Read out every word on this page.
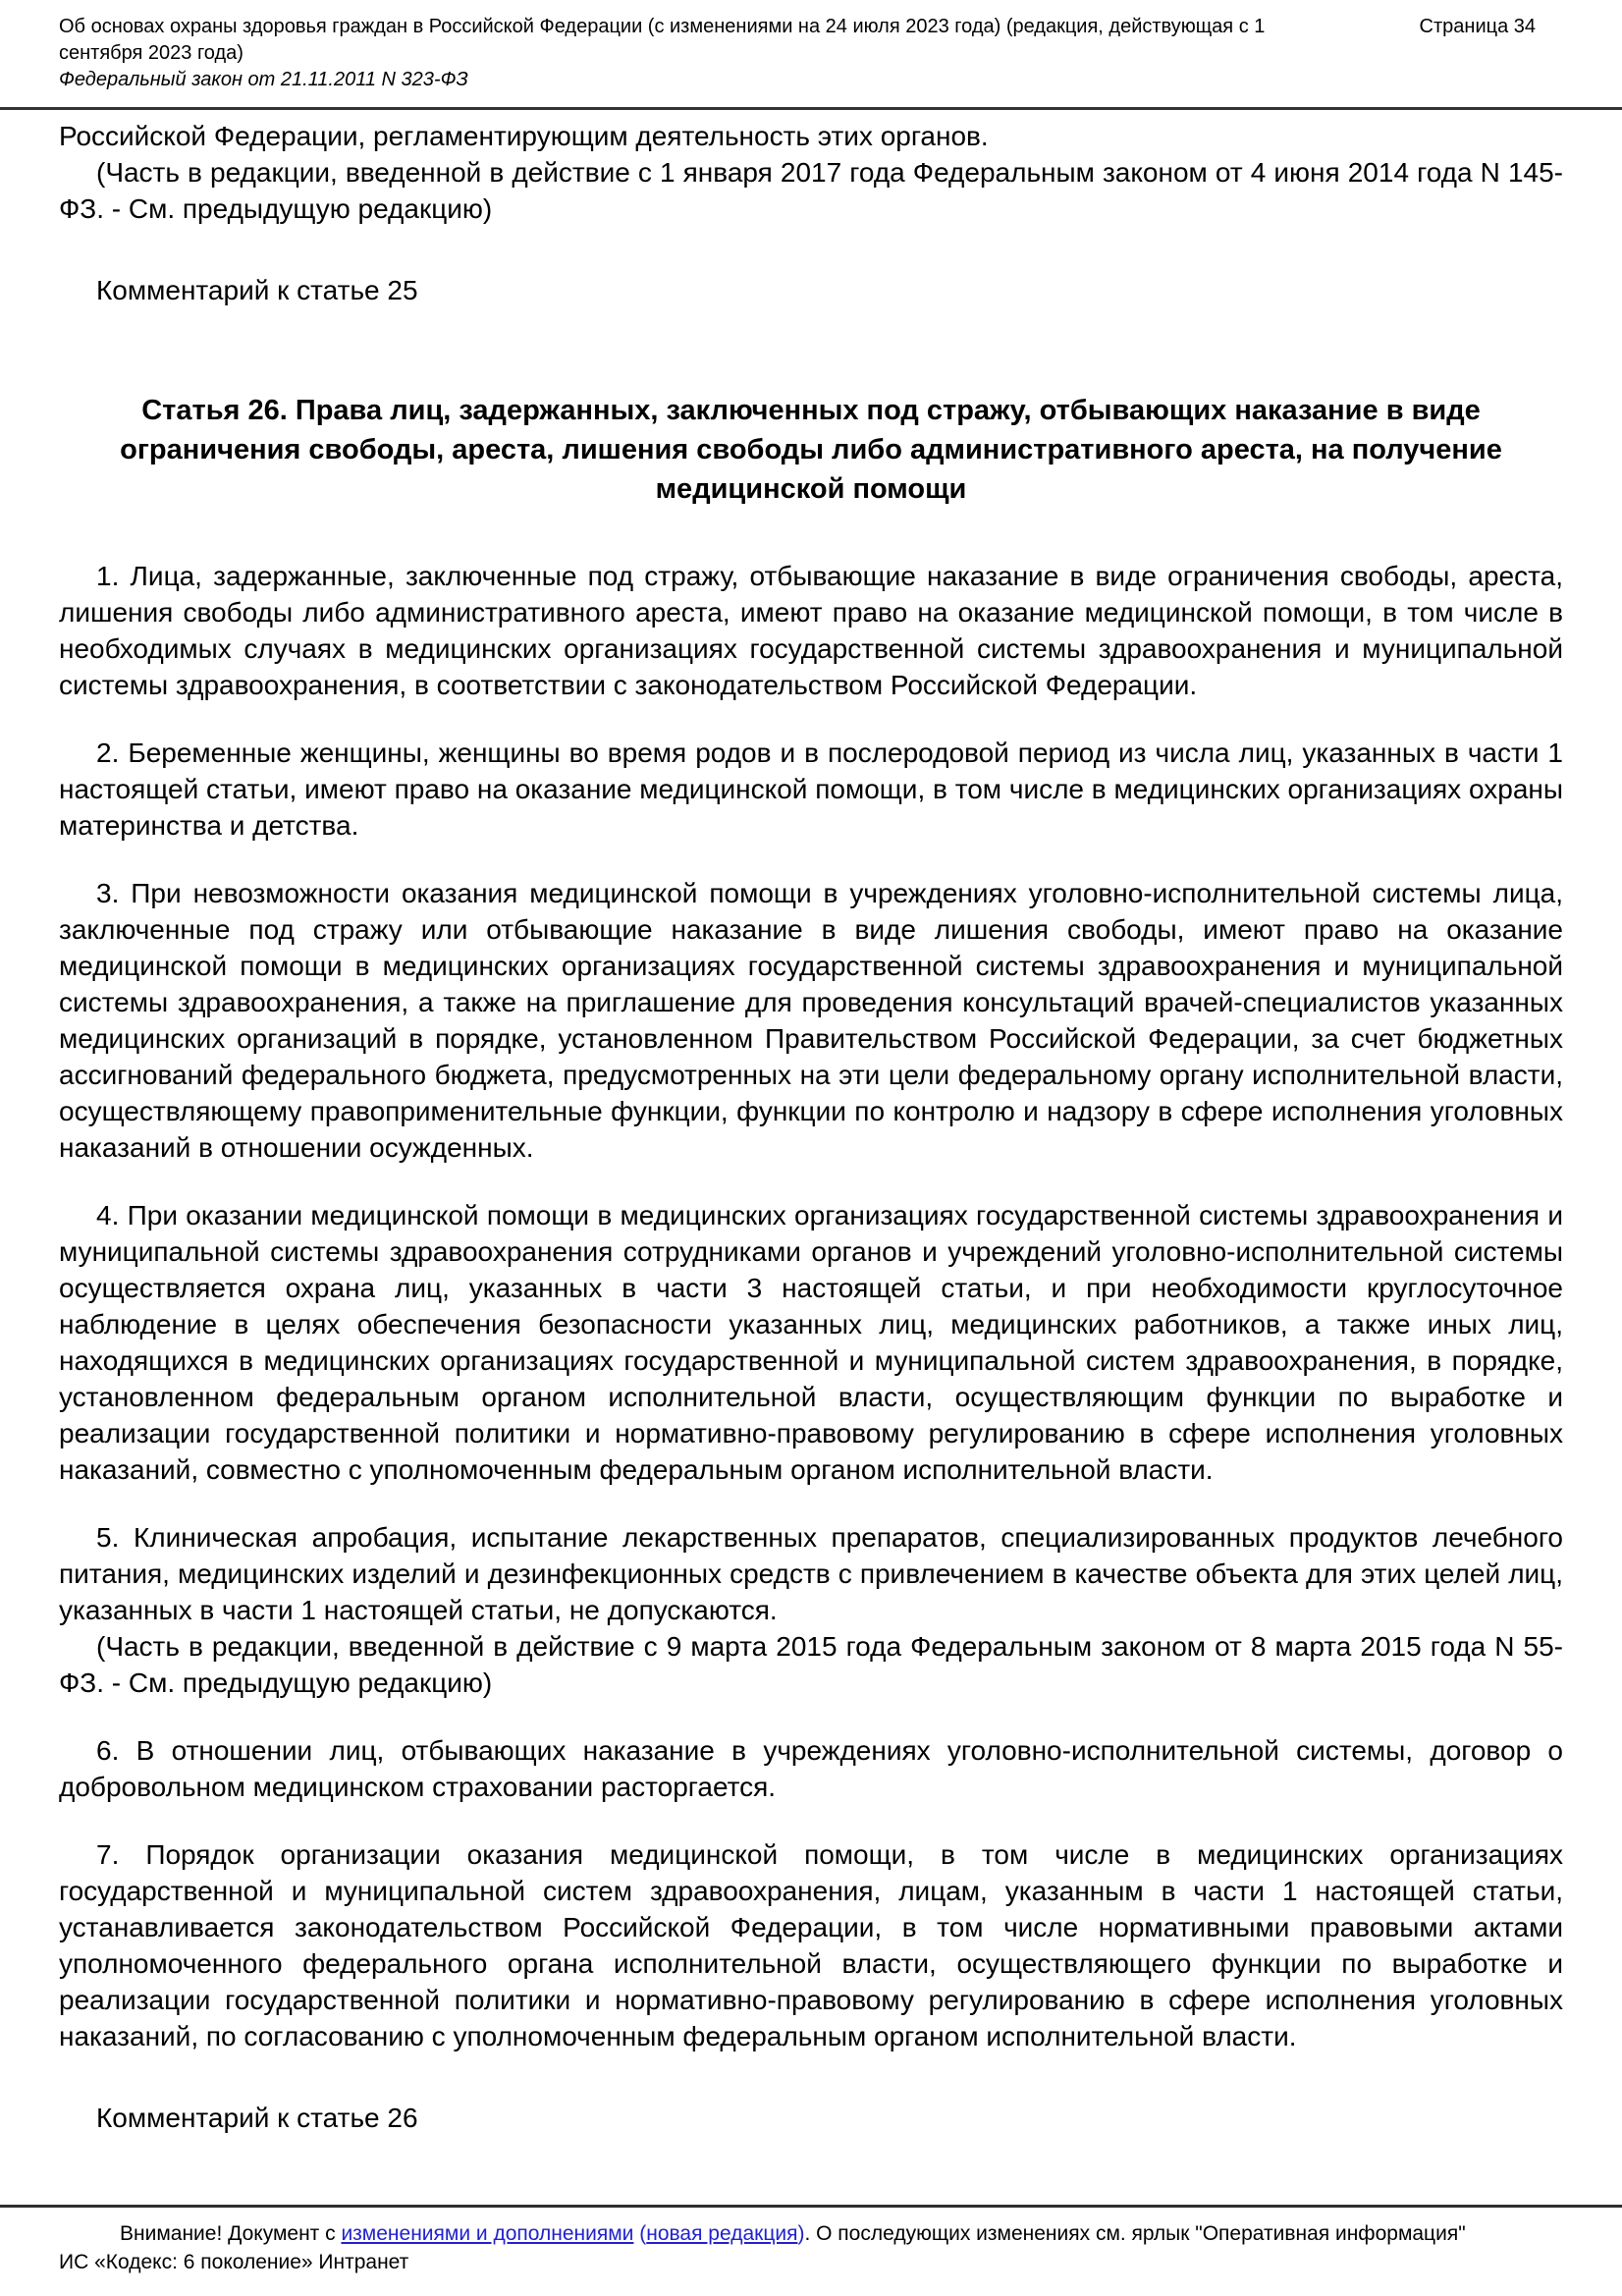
Об основах охраны здоровья граждан в Российской Федерации (с изменениями на 24 июля 2023 года) (редакция, действующая с 1 сентября 2023 года)
Страница 34
Федеральный закон от 21.11.2011 N 323-ФЗ

Российской Федерации, регламентирующим деятельность этих органов.

(Часть в редакции, введенной в действие с 1 января 2017 года Федеральным законом от 4 июня 2014 года N 145-ФЗ. - См. предыдущую редакцию)

Комментарий к статье 25

Статья 26. Права лиц, задержанных, заключенных под стражу, отбывающих наказание в виде ограничения свободы, ареста, лишения свободы либо административного ареста, на получение медицинской помощи

1. Лица, задержанные, заключенные под стражу, отбывающие наказание в виде ограничения свободы, ареста, лишения свободы либо административного ареста, имеют право на оказание медицинской помощи, в том числе в необходимых случаях в медицинских организациях государственной системы здравоохранения и муниципальной системы здравоохранения, в соответствии с законодательством Российской Федерации.

2. Беременные женщины, женщины во время родов и в послеродовой период из числа лиц, указанных в части 1 настоящей статьи, имеют право на оказание медицинской помощи, в том числе в медицинских организациях охраны материнства и детства.

3. При невозможности оказания медицинской помощи в учреждениях уголовно-исполнительной системы лица, заключенные под стражу или отбывающие наказание в виде лишения свободы, имеют право на оказание медицинской помощи в медицинских организациях государственной системы здравоохранения и муниципальной системы здравоохранения, а также на приглашение для проведения консультаций врачей-специалистов указанных медицинских организаций в порядке, установленном Правительством Российской Федерации, за счет бюджетных ассигнований федерального бюджета, предусмотренных на эти цели федеральному органу исполнительной власти, осуществляющему правоприменительные функции, функции по контролю и надзору в сфере исполнения уголовных наказаний в отношении осужденных.

4. При оказании медицинской помощи в медицинских организациях государственной системы здравоохранения и муниципальной системы здравоохранения сотрудниками органов и учреждений уголовно-исполнительной системы осуществляется охрана лиц, указанных в части 3 настоящей статьи, и при необходимости круглосуточное наблюдение в целях обеспечения безопасности указанных лиц, медицинских работников, а также иных лиц, находящихся в медицинских организациях государственной и муниципальной систем здравоохранения, в порядке, установленном федеральным органом исполнительной власти, осуществляющим функции по выработке и реализации государственной политики и нормативно-правовому регулированию в сфере исполнения уголовных наказаний, совместно с уполномоченным федеральным органом исполнительной власти.

5. Клиническая апробация, испытание лекарственных препаратов, специализированных продуктов лечебного питания, медицинских изделий и дезинфекционных средств с привлечением в качестве объекта для этих целей лиц, указанных в части 1 настоящей статьи, не допускаются.

(Часть в редакции, введенной в действие с 9 марта 2015 года Федеральным законом от 8 марта 2015 года N 55-ФЗ. - См. предыдущую редакцию)

6. В отношении лиц, отбывающих наказание в учреждениях уголовно-исполнительной системы, договор о добровольном медицинском страховании расторгается.

7. Порядок организации оказания медицинской помощи, в том числе в медицинских организациях государственной и муниципальной систем здравоохранения, лицам, указанным в части 1 настоящей статьи, устанавливается законодательством Российской Федерации, в том числе нормативными правовыми актами уполномоченного федерального органа исполнительной власти, осуществляющего функции по выработке и реализации государственной политики и нормативно-правовому регулированию в сфере исполнения уголовных наказаний, по согласованию с уполномоченным федеральным органом исполнительной власти.

Комментарий к статье 26

Внимание! Документ с изменениями и дополнениями (новая редакция). О последующих изменениях см. ярлык "Оперативная информация"

ИС «Кодекс: 6 поколение» Интранет
